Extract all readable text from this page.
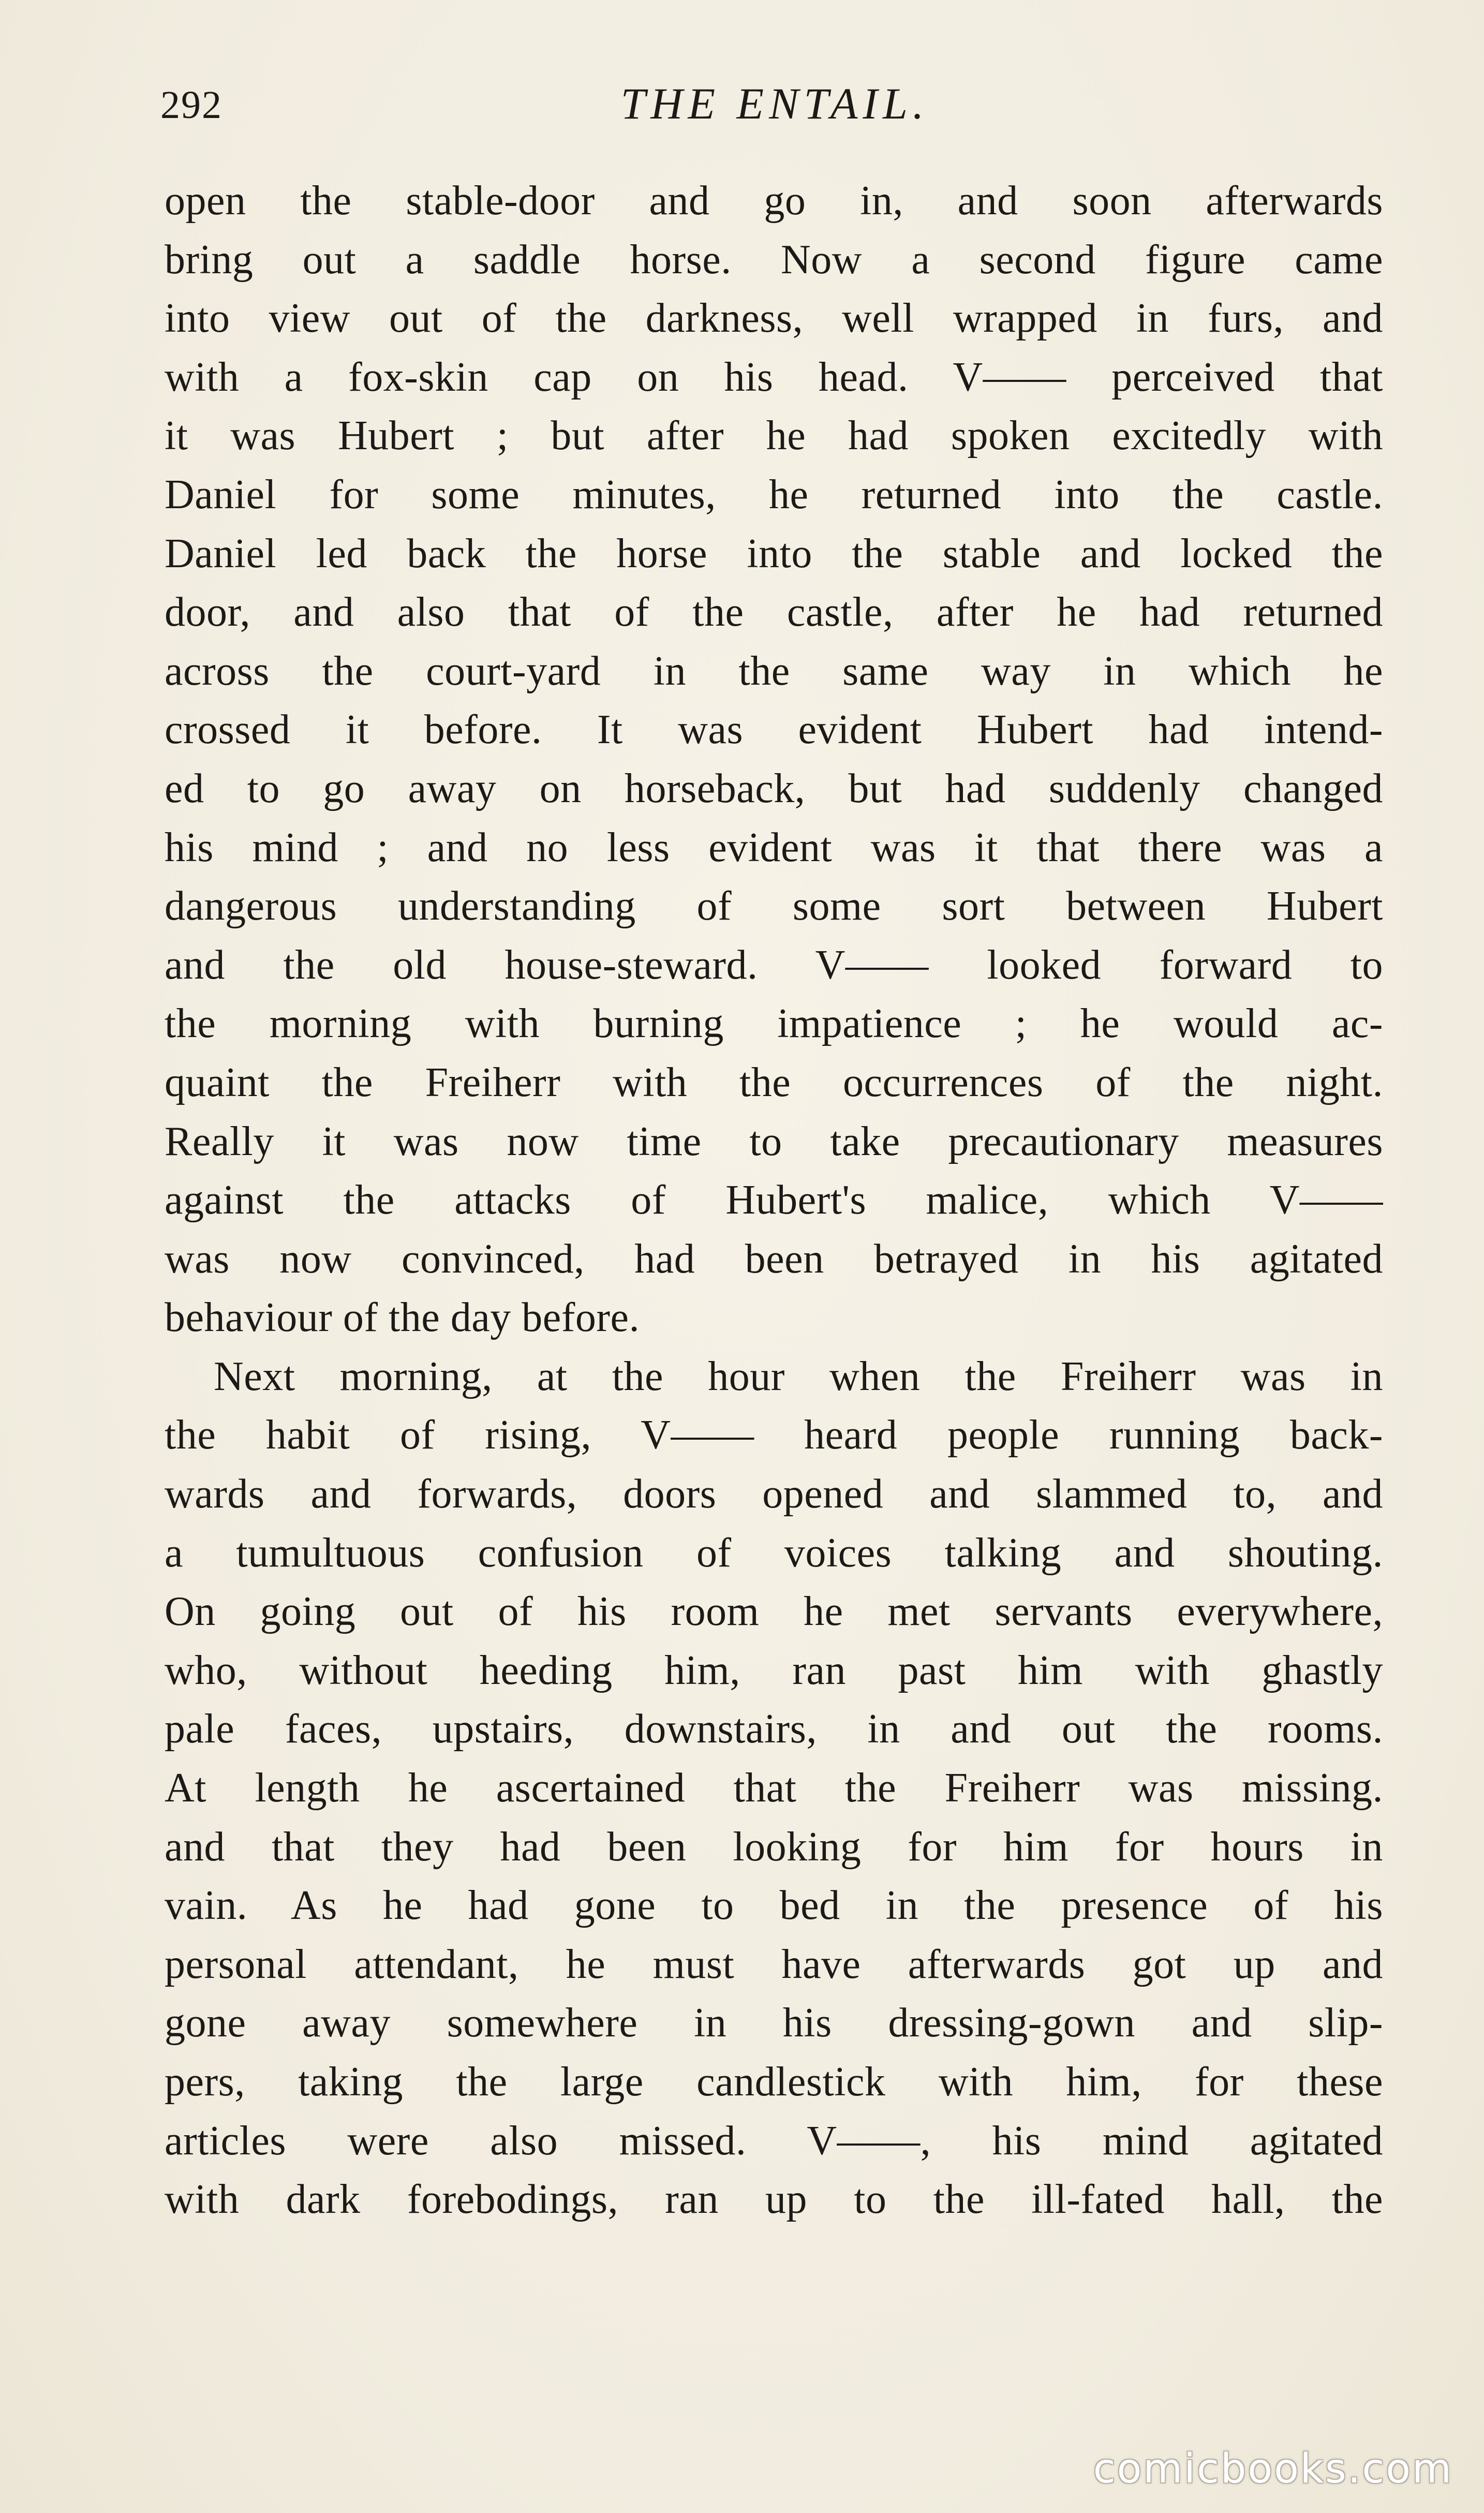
292	THE ENTAIL.
open the stable-door and go in, and soon afterwards
bring out a saddle horse. Now a second figure came
into view out of the darkness, well wrapped in furs, and
with a fox-skin cap on his head. V—— perceived that
it was Hubert ; but after he had spoken excitedly with
Daniel for some minutes, he returned into the castle.
Daniel led back the horse into the stable and locked the
door, and also that of the castle, after he had returned
across the court-yard in the same way in which he
crossed it before. It was evident Hubert had intend-
ed to go away on horseback, but had suddenly changed
his mind ; and no less evident was it that there was a
dangerous understanding of some sort between Hubert
and the old house-steward. V—— looked forward to
the morning with burning impatience ; he would ac-
quaint the Freiherr with the occurrences of the night.
Really it was now time to take precautionary measures
against the attacks of Hubert's malice, which V——
was now convinced, had been betrayed in his agitated
behaviour of the day before.
Next morning, at the hour when the Freiherr was in
the habit of rising, V—— heard people running back-
wards and forwards, doors opened and slammed to, and
a tumultuous confusion of voices talking and shouting.
On going out of his room he met servants everywhere,
who, without heeding him, ran past him with ghastly
pale faces, upstairs, downstairs, in and out the rooms.
At length he ascertained that the Freiherr was missing.
and that they had been looking for him for hours in
vain. As he had gone to bed in the presence of his
personal attendant, he must have afterwards got up and
gone away somewhere in his dressing-gown and slip-
pers, taking the large candlestick with him, for these
articles were also missed. V——, his mind agitated
with dark forebodings, ran up to the ill-fated hall, the
comicbooks.com
